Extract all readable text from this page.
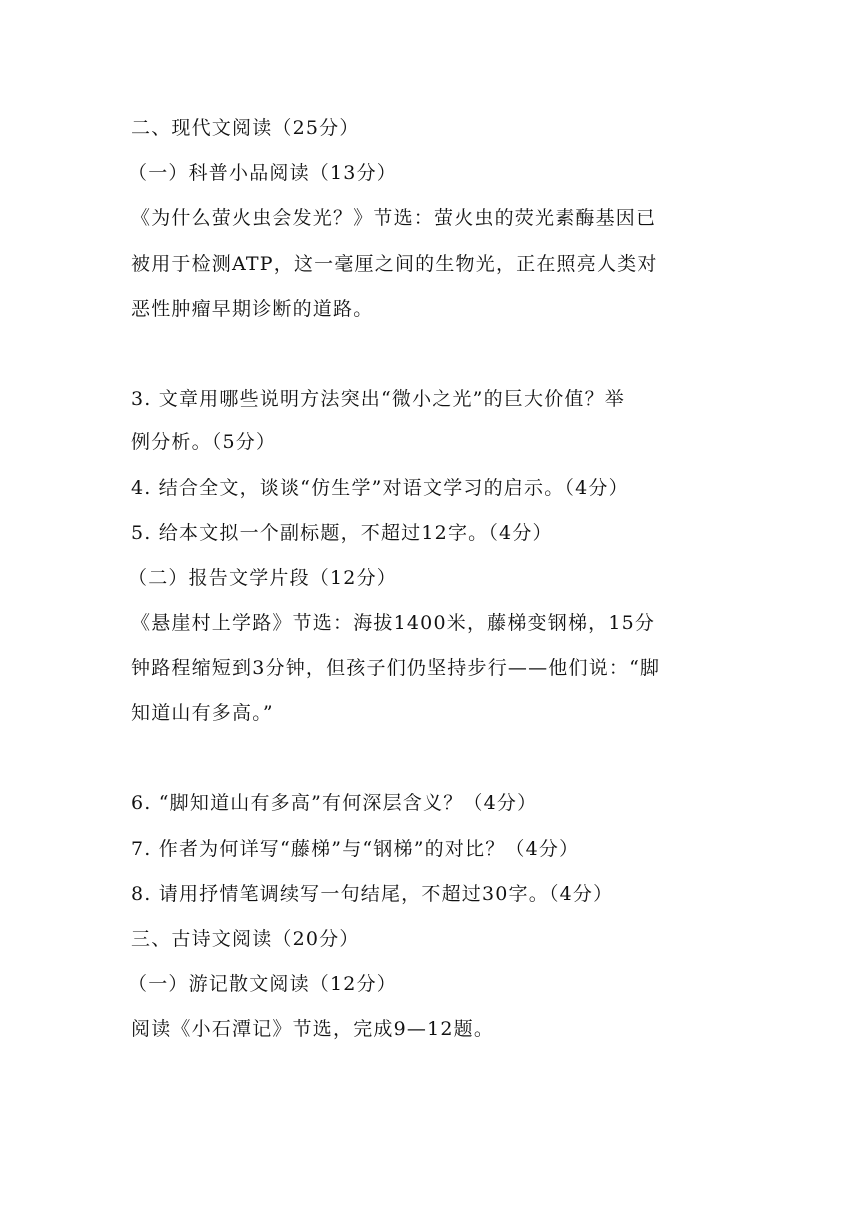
二、现代文阅读（25分）
（一）科普小品阅读（13分）
《为什么萤火虫会发光？》节选：萤火虫的荧光素酶基因已
被用于检测ATP，这一毫厘之间的生物光，正在照亮人类对
恶性肿瘤早期诊断的道路。
3. 文章用哪些说明方法突出“微小之光”的巨大价值？举
例分析。（5分）
4. 结合全文，谈谈“仿生学”对语文学习的启示。（4分）
5. 给本文拟一个副标题，不超过12字。（4分）
（二）报告文学片段（12分）
《悬崖村上学路》节选：海拔1400米，藤梯变钢梯，15分
钟路程缩短到3分钟，但孩子们仍坚持步行——他们说：“脚
知道山有多高。”
6. “脚知道山有多高”有何深层含义？（4分）
7. 作者为何详写“藤梯”与“钢梯”的对比？（4分）
8. 请用抒情笔调续写一句结尾，不超过30字。（4分）
三、古诗文阅读（20分）
（一）游记散文阅读（12分）
阅读《小石潭记》节选，完成9—12题。
